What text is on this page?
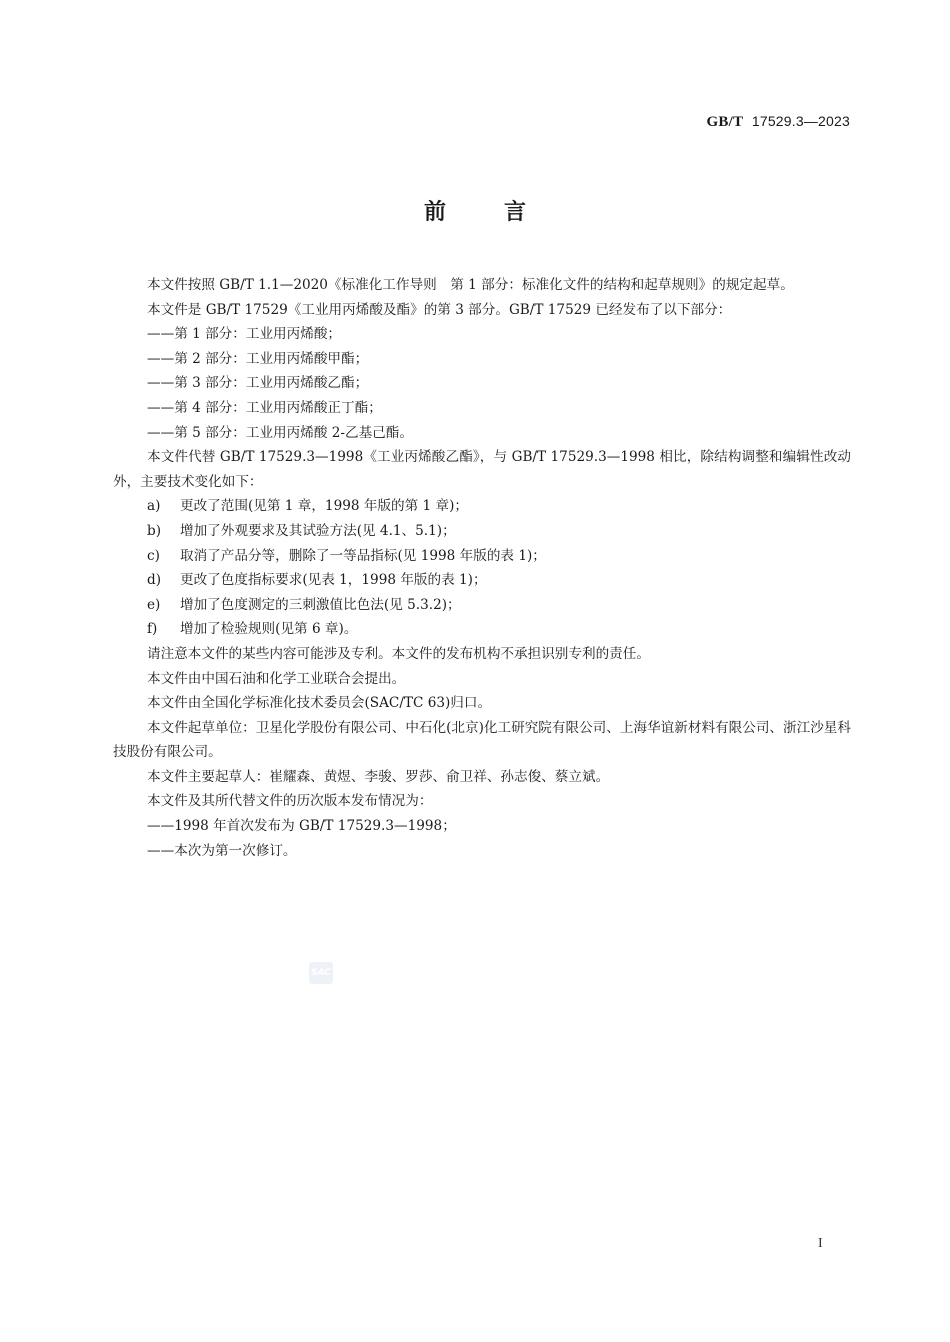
GB/T 17529.3—2023
前言

本文件按照 GB/T 1.1—2020《标准化工作导则　第 1 部分：标准化文件的结构和起草规则》的规定起草。

本文件是 GB/T 17529《工业用丙烯酸及酯》的第 3 部分。GB/T 17529 已经发布了以下部分：

——第 1 部分：工业用丙烯酸；

——第 2 部分：工业用丙烯酸甲酯；

——第 3 部分：工业用丙烯酸乙酯；

——第 4 部分：工业用丙烯酸正丁酯；

——第 5 部分：工业用丙烯酸 2-乙基己酯。

本文件代替 GB/T 17529.3—1998《工业丙烯酸乙酯》，与 GB/T 17529.3—1998 相比，除结构调整和编辑性改动外，主要技术变化如下：

a)	更改了范围(见第 1 章，1998 年版的第 1 章)；
b)	增加了外观要求及其试验方法(见 4.1、5.1)；
c)	取消了产品分等，删除了一等品指标(见 1998 年版的表 1)；
d)	更改了色度指标要求(见表 1，1998 年版的表 1)；
e)	增加了色度测定的三刺激值比色法(见 5.3.2)；
f)	增加了检验规则(见第 6 章)。

请注意本文件的某些内容可能涉及专利。本文件的发布机构不承担识别专利的责任。

本文件由中国石油和化学工业联合会提出。

本文件由全国化学标准化技术委员会(SAC/TC 63)归口。

本文件起草单位：卫星化学股份有限公司、中石化(北京)化工研究院有限公司、上海华谊新材料有限公司、浙江沙星科技股份有限公司。

本文件主要起草人：崔耀森、黄煜、李骏、罗莎、俞卫祥、孙志俊、蔡立斌。

本文件及其所代替文件的历次版本发布情况为：

——1998 年首次发布为 GB/T 17529.3—1998；

——本次为第一次修订。

SAC
I
